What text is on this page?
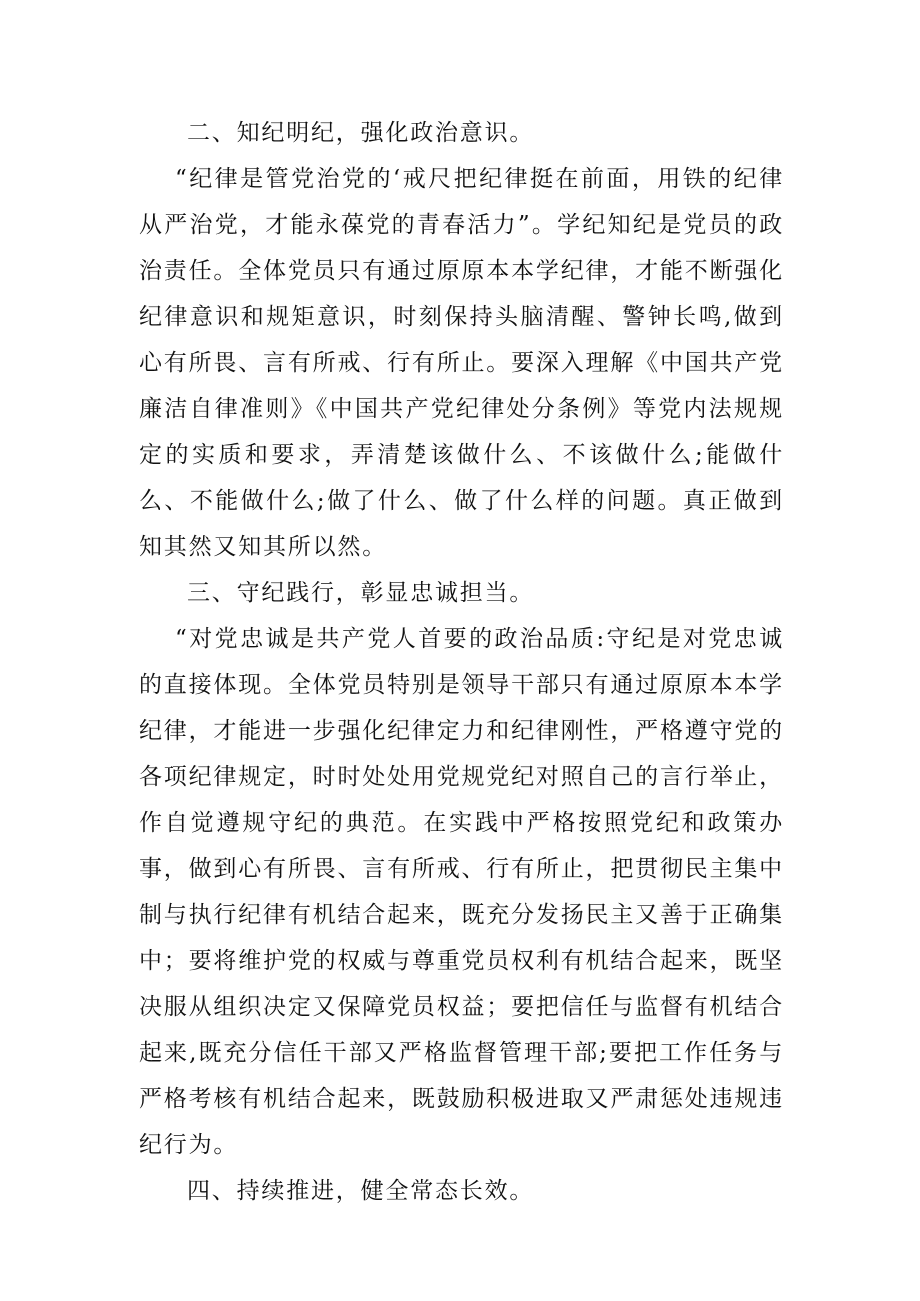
二、知纪明纪，强化政治意识。

“纪律是管党治党的‘戒尺把纪律挺在前面，用铁的纪律从严治党，才能永葆党的青春活力”。学纪知纪是党员的政治责任。全体党员只有通过原原本本学纪律，才能不断强化纪律意识和规矩意识，时刻保持头脑清醒、警钟长鸣,做到心有所畏、言有所戒、行有所止。要深入理解《中国共产党廉洁自律准则》《中国共产党纪律处分条例》等党内法规规定的实质和要求，弄清楚该做什么、不该做什么;能做什么、不能做什么;做了什么、做了什么样的问题。真正做到知其然又知其所以然。

三、守纪践行，彰显忠诚担当。

“对党忠诚是共产党人首要的政治品质:守纪是对党忠诚的直接体现。全体党员特别是领导干部只有通过原原本本学纪律，才能进一步强化纪律定力和纪律刚性，严格遵守党的各项纪律规定，时时处处用党规党纪对照自己的言行举止，作自觉遵规守纪的典范。在实践中严格按照党纪和政策办事，做到心有所畏、言有所戒、行有所止，把贯彻民主集中制与执行纪律有机结合起来，既充分发扬民主又善于正确集中；要将维护党的权威与尊重党员权利有机结合起来，既坚决服从组织决定又保障党员权益；要把信任与监督有机结合起来,既充分信任干部又严格监督管理干部;要把工作任务与严格考核有机结合起来，既鼓励积极进取又严肃惩处违规违纪行为。

四、持续推进，健全常态长效。
